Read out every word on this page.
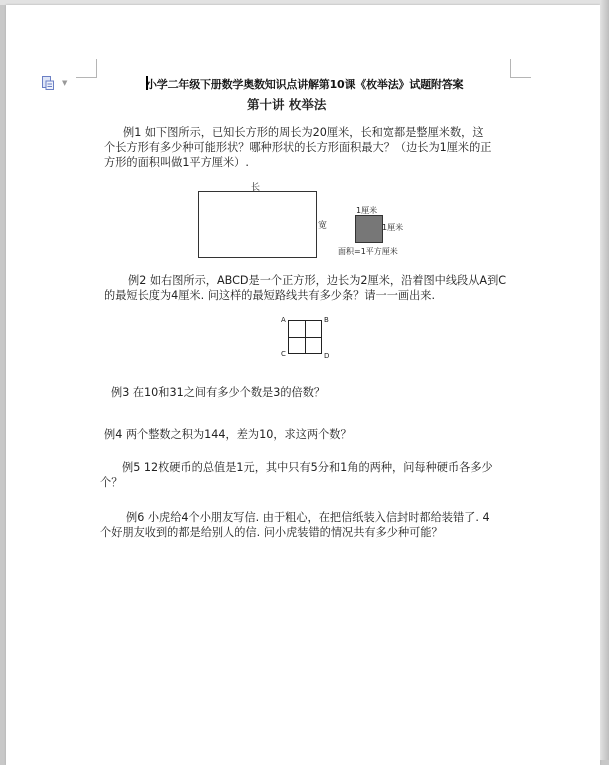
▼	小学二年级下册数学奥数知识点讲解第10课《枚举法》试题附答案
第十讲 枚举法
例1 如下图所示，已知长方形的周长为20厘米，长和宽都是整厘米数，这
个长方形有多少种可能形状？哪种形状的长方形面积最大？（边长为1厘米的正
方形的面积叫做1平方厘米）.
长
宽
1厘米
1厘米
面积=1平方厘米
例2 如右图所示，ABCD是一个正方形，边长为2厘米，沿着图中线段从A到C
的最短长度为4厘米. 问这样的最短路线共有多少条？请一一画出来.
A	B
C	D
例3 在10和31之间有多少个数是3的倍数？
例4 两个整数之积为144，差为10，求这两个数？
例5 12枚硬币的总值是1元，其中只有5分和1角的两种，问每种硬币各多少
个？
例6 小虎给4个小朋友写信. 由于粗心，在把信纸装入信封时都给装错了. 4
个好朋友收到的都是给别人的信. 问小虎装错的情况共有多少种可能？
